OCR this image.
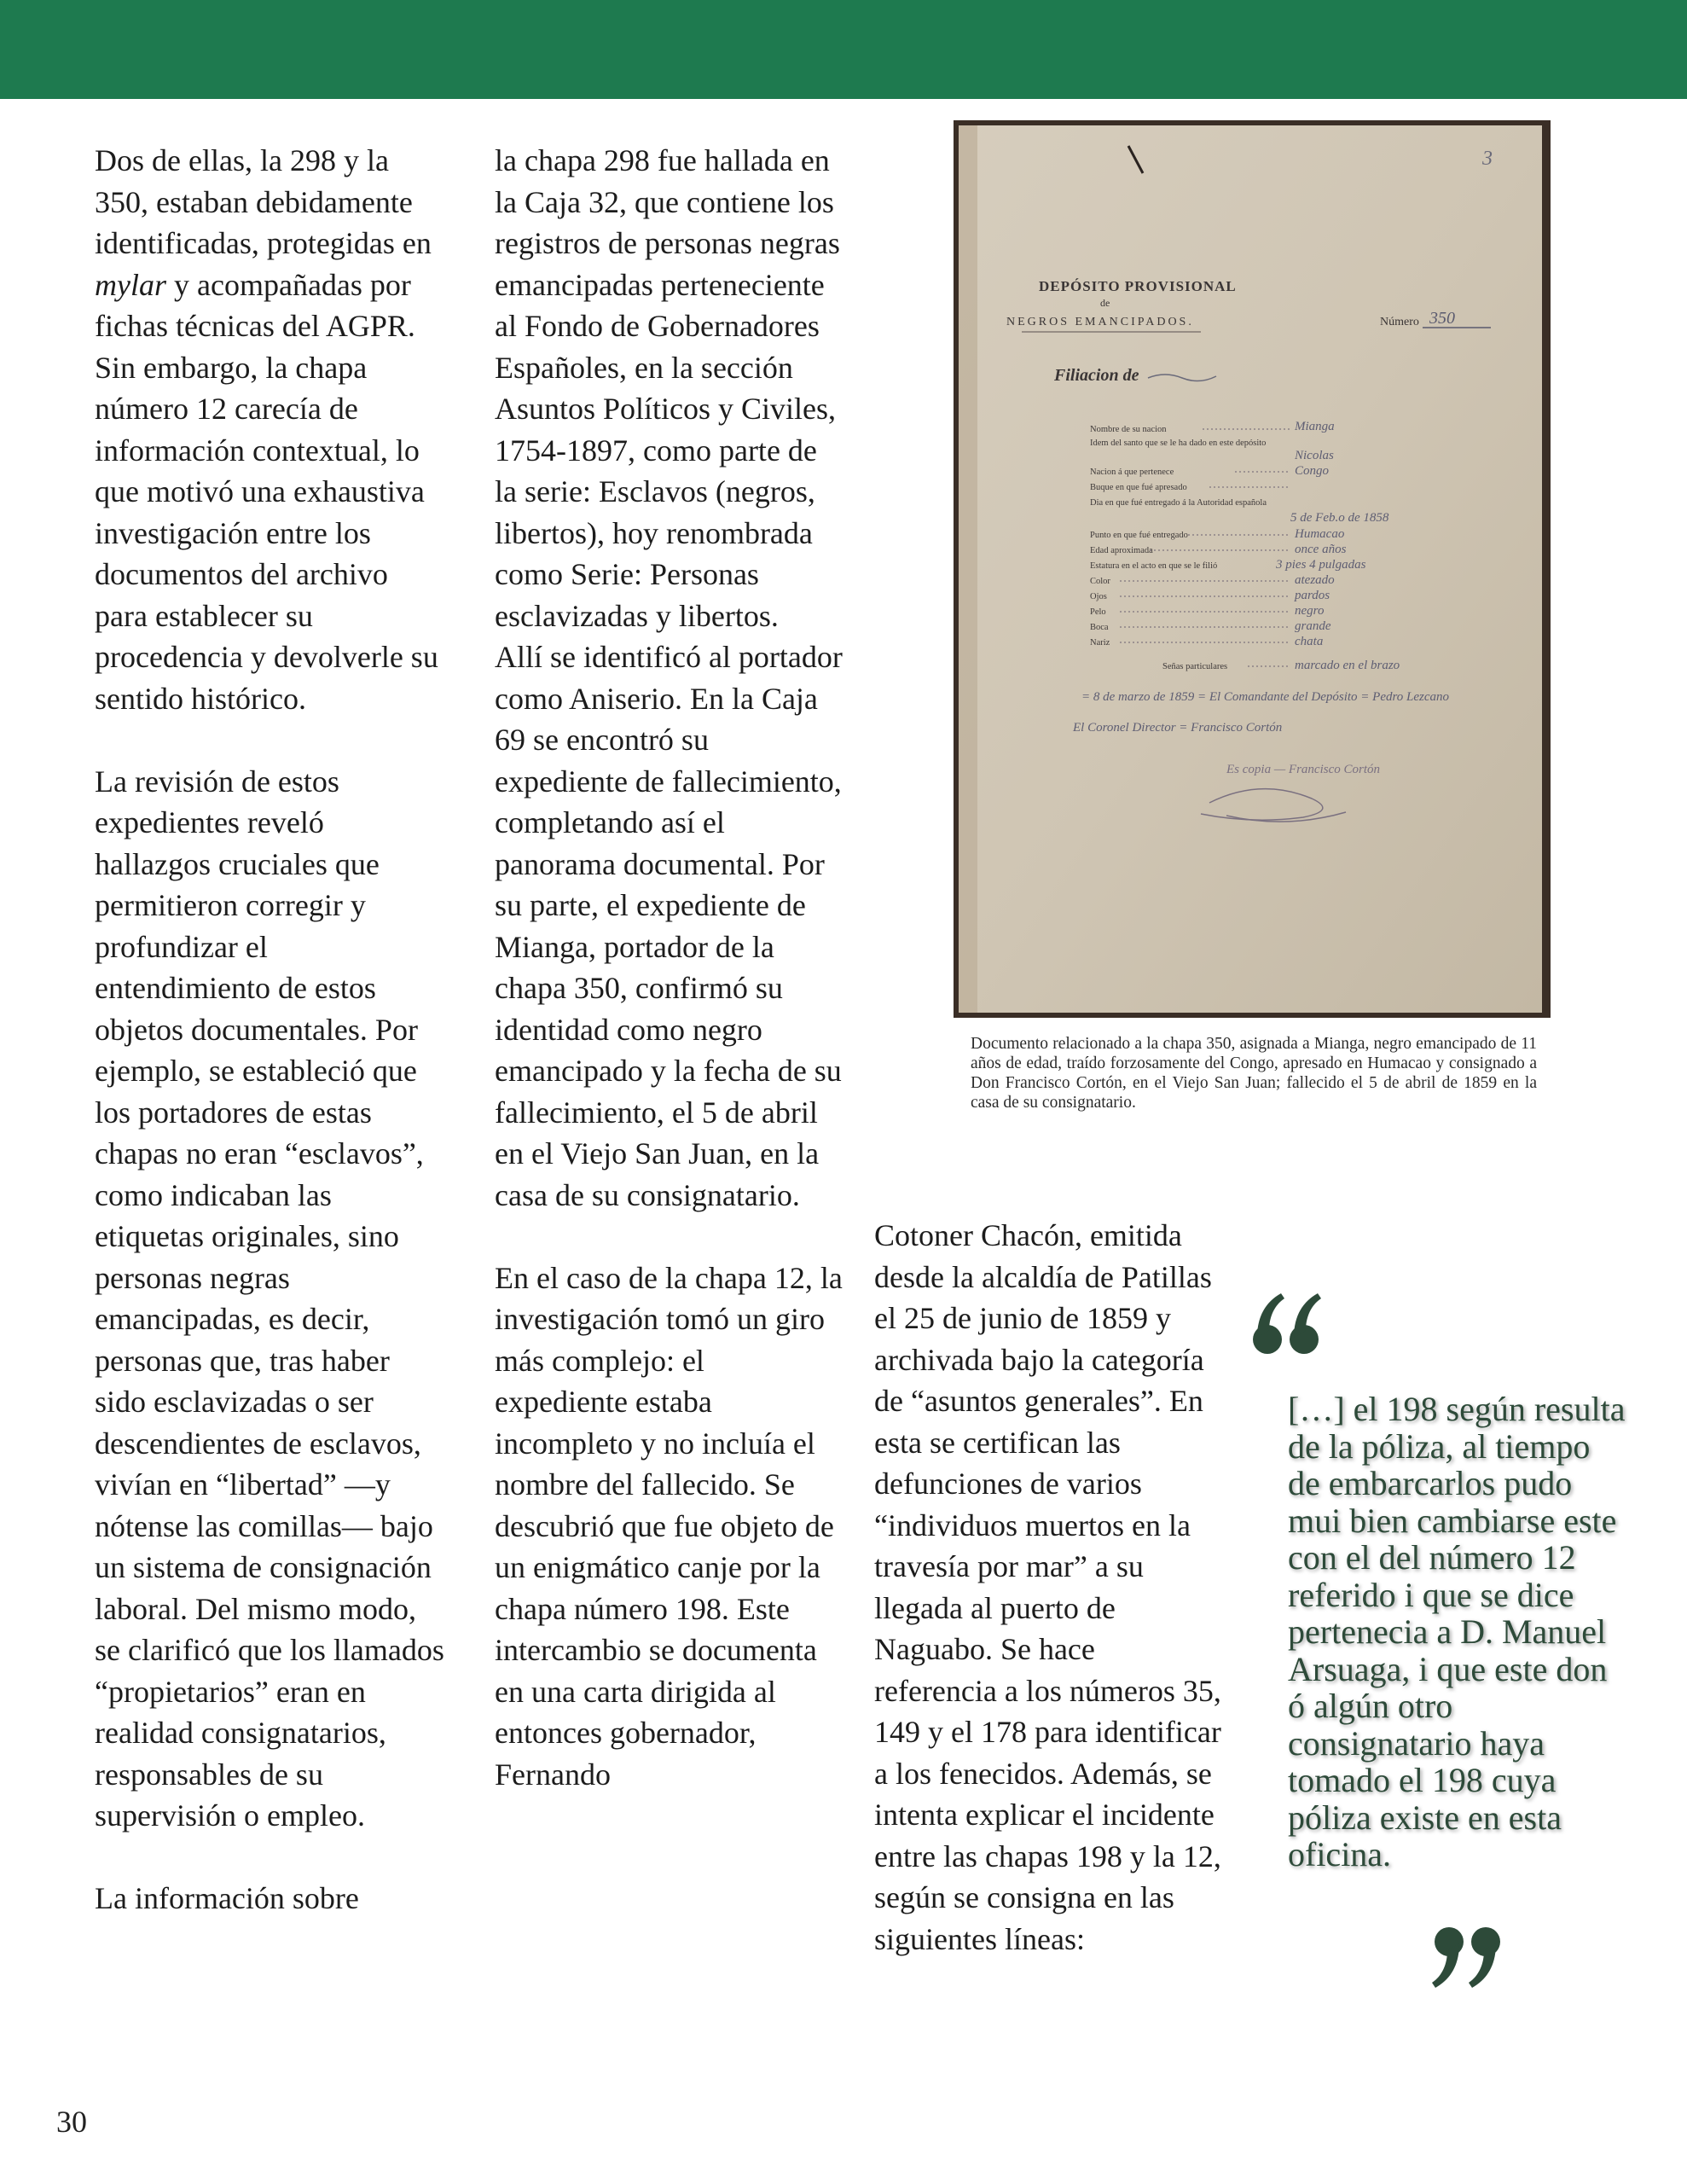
Dos de ellas, la 298 y la 350, estaban debidamente identificadas, protegidas en mylar y acompañadas por fichas técnicas del AGPR. Sin embargo, la chapa número 12 carecía de información contextual, lo que motivó una exhaustiva investigación entre los documentos del archivo para establecer su procedencia y devolverle su sentido histórico.

La revisión de estos expedientes reveló hallazgos cruciales que permitieron corregir y profundizar el entendimiento de estos objetos documentales. Por ejemplo, se estableció que los portadores de estas chapas no eran “esclavos”, como indicaban las etiquetas originales, sino personas negras emancipadas, es decir, personas que, tras haber sido esclavizadas o ser descendientes de esclavos, vivían en “libertad” —y nótense las comillas— bajo un sistema de consignación laboral. Del mismo modo, se clarificó que los llamados “propietarios” eran en realidad consignatarios, responsables de su supervisión o empleo.

La información sobre

la chapa 298 fue hallada en la Caja 32, que contiene los registros de personas negras emancipadas perteneciente al Fondo de Gobernadores Españoles, en la sección Asuntos Políticos y Civiles, 1754-1897, como parte de la serie: Esclavos (negros, libertos), hoy renombrada como Serie: Personas esclavizadas y libertos.

Allí se identificó al portador como Aniserio. En la Caja 69 se encontró su expediente de fallecimiento, completando así el panorama documental. Por su parte, el expediente de Mianga, portador de la chapa 350, confirmó su identidad como negro emancipado y la fecha de su fallecimiento, el 5 de abril en el Viejo San Juan, en la casa de su consignatario.

En el caso de la chapa 12, la investigación tomó un giro más complejo: el expediente estaba incompleto y no incluía el nombre del fallecido. Se descubrió que fue objeto de un enigmático canje por la chapa número 198. Este intercambio se documenta en una carta dirigida al entonces gobernador, Fernando

3
DEPÓSITO PROVISIONAL
de
NEGROS EMANCIPADOS.	Número 350
Filiacion de
Nombre de su nacion	Mianga
Idem del santo que se le ha dado en este depósito
Nicolas
Nacion á que pertenece	Congo
Buque en que fué apresado
Dia en que fué entregado á la Autoridad española
5 de Feb.o de 1858
Punto en que fué entregado	Humacao
Edad aproximada	once años
Estatura en el acto en que se le filió	3 pies 4 pulgadas
Color	atezado
Ojos	pardos
Pelo	negro
Boca	grande
Nariz	chata
Señas particulares	marcado en el brazo
= 8 de marzo de 1859 = El Comandante del Depósito = Pedro Lezcano
El Coronel Director = Francisco Cortón
Es copia — Francisco Cortón
Documento relacionado a la chapa 350, asignada a Mianga, negro emancipado de 11 años de edad, traído forzosamente del Congo, apresado en Humacao y consignado a Don Francisco Cortón, en el Viejo San Juan; fallecido el 5 de abril de 1859 en la casa de su consignatario.

Cotoner Chacón, emitida desde la alcaldía de Patillas el 25 de junio de 1859 y archivada bajo la categoría de “asuntos generales”. En esta se certifican las defunciones de varios “individuos muertos en la travesía por mar” a su llegada al puerto de Naguabo. Se hace referencia a los números 35, 149 y el 178 para identificar a los fenecidos. Además, se intenta explicar el incidente entre las chapas 198 y la 12, según se consigna en las siguientes líneas:

[…] el 198 según resulta de la póliza, al tiempo de embarcarlos pudo mui bien cambiarse este con el del número 12 referido i que se dice pertenecia a D. Manuel Arsuaga, i que este don ó algún otro consignatario haya tomado el 198 cuya póliza existe en esta oficina.
30
